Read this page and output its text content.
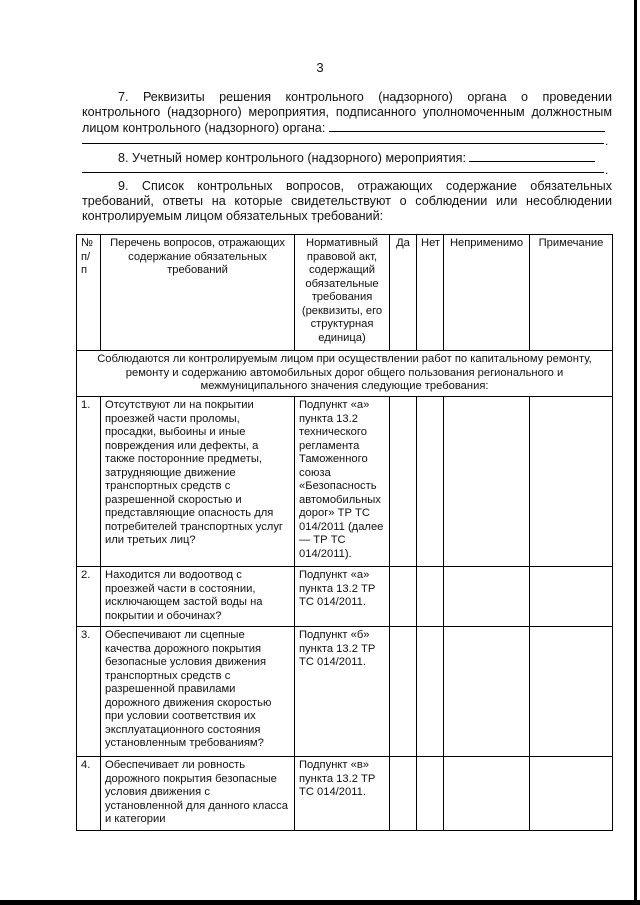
3
7. Реквизиты решения контрольного (надзорного) органа о проведении контрольного (надзорного) мероприятия, подписанного уполномоченным должностным лицом контрольного (надзорного) органа:
.
8. Учетный номер контрольного (надзорного) мероприятия:
.
9. Список контрольных вопросов, отражающих содержание обязательных требований, ответы на которые свидетельствуют о соблюдении или несоблюдении контролируемым лицом обязательных требований:
№ п/п	Перечень вопросов, отражающих содержание обязательных требований	Нормативный правовой акт, содержащий обязательные требования (реквизиты, его структурная единица)	Да	Нет	Неприменимо	Примечание
Соблюдаются ли контролируемым лицом при осуществлении работ по капитальному ремонту, ремонту и содержанию автомобильных дорог общего пользования регионального и межмуниципального значения следующие требования:						
1.	Отсутствуют ли на покрытии проезжей части проломы, просадки, выбоины и иные повреждения или дефекты, а также посторонние предметы, затрудняющие движение транспортных средств с разрешенной скоростью и представляющие опасность для потребителей транспортных услуг или третьих лиц?	Подпункт «а» пункта 13.2 технического регламента Таможенного союза «Безопасность автомобильных дорог» ТР ТС 014/2011 (далее — ТР ТС 014/2011).				
2.	Находится ли водоотвод с проезжей части в состоянии, исключающем застой воды на покрытии и обочинах?	Подпункт «а» пункта 13.2 ТР ТС 014/2011.				
3.	Обеспечивают ли сцепные качества дорожного покрытия безопасные условия движения транспортных средств с разрешенной правилами дорожного движения скоростью при условии соответствия их эксплуатационного состояния установленным требованиям?	Подпункт «б» пункта 13.2 ТР ТС 014/2011.				
4.	Обеспечивает ли ровность дорожного покрытия безопасные условия движения с установленной для данного класса и категории	Подпункт «в» пункта 13.2 ТР ТС 014/2011.				
